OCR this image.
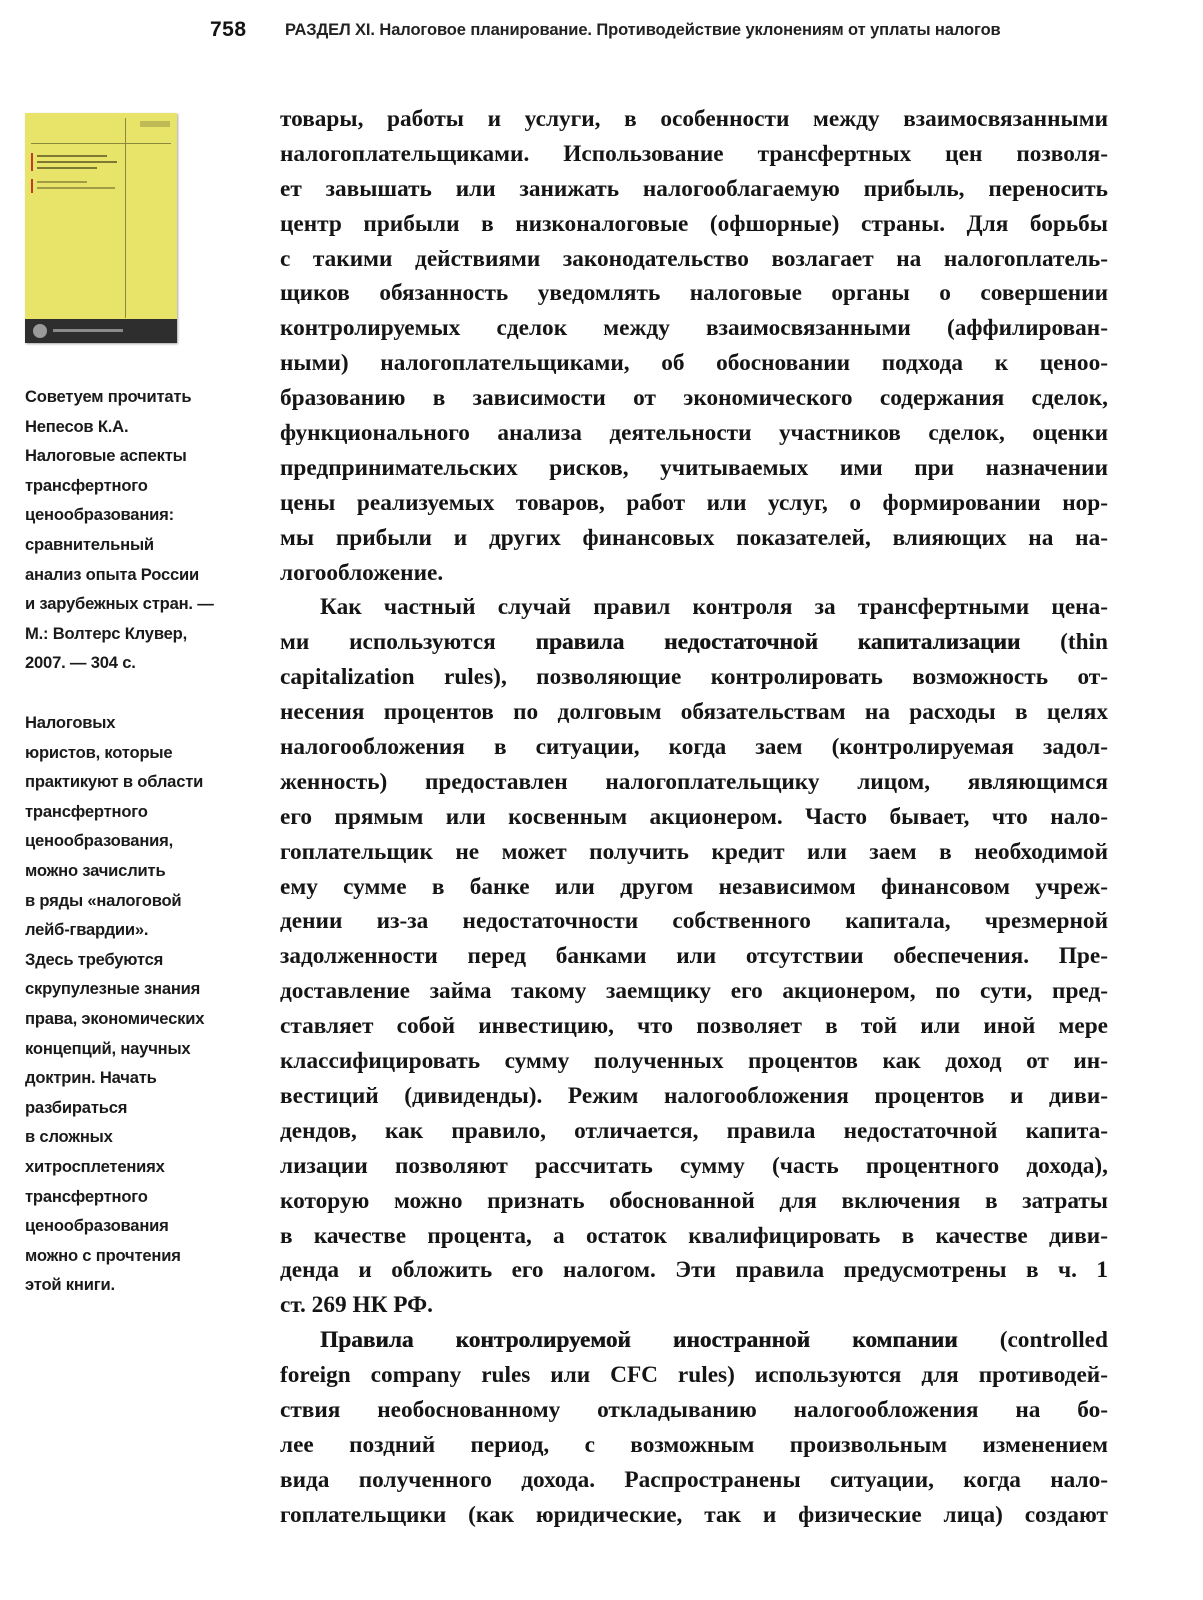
758 РАЗДЕЛ XI. Налоговое планирование. Противодействие уклонениям от уплаты налогов
Советуем прочитать
Непесов К.А.
Налоговые аспекты
трансфертного
ценообразования:
сравнительный
анализ опыта России
и зарубежных стран. —
М.: Волтерс Клувер,
2007. — 304 с.
Налоговых
юристов, которые
практикуют в области
трансфертного
ценообразования,
можно зачислить
в ряды «налоговой
лейб-гвардии».
Здесь требуются
скрупулезные знания
права, экономических
концепций, научных
доктрин. Начать
разбираться
в сложных
хитросплетениях
трансфертного
ценообразования
можно с прочтения
этой книги.
товары, работы и услуги, в особенности между взаимосвязанными
налогоплательщиками. Использование трансфертных цен позволя-
ет завышать или занижать налогооблагаемую прибыль, переносить
центр прибыли в низконалоговые (офшорные) страны. Для борьбы
с такими действиями законодательство возлагает на налогоплатель-
щиков обязанность уведомлять налоговые органы о совершении
контролируемых сделок между взаимосвязанными (аффилирован-
ными) налогоплательщиками, об обосновании подхода к ценоо-
бразованию в зависимости от экономического содержания сделок,
функционального анализа деятельности участников сделок, оценки
предпринимательских рисков, учитываемых ими при назначении
цены реализуемых товаров, работ или услуг, о формировании нор-
мы прибыли и других финансовых показателей, влияющих на на-
логообложение.
Как частный случай правил контроля за трансфертными цена-
ми используются правила недостаточной капитализации (thin
capitalization rules), позволяющие контролировать возможность от-
несения процентов по долговым обязательствам на расходы в целях
налогообложения в ситуации, когда заем (контролируемая задол-
женность) предоставлен налогоплательщику лицом, являющимся
его прямым или косвенным акционером. Часто бывает, что нало-
гоплательщик не может получить кредит или заем в необходимой
ему сумме в банке или другом независимом финансовом учреж-
дении из-за недостаточности собственного капитала, чрезмерной
задолженности перед банками или отсутствии обеспечения. Пре-
доставление займа такому заемщику его акционером, по сути, пред-
ставляет собой инвестицию, что позволяет в той или иной мере
классифицировать сумму полученных процентов как доход от ин-
вестиций (дивиденды). Режим налогообложения процентов и диви-
дендов, как правило, отличается, правила недостаточной капита-
лизации позволяют рассчитать сумму (часть процентного дохода),
которую можно признать обоснованной для включения в затраты
в качестве процента, а остаток квалифицировать в качестве диви-
денда и обложить его налогом. Эти правила предусмотрены в ч. 1
ст. 269 НК РФ.
Правила контролируемой иностранной компании (controlled
foreign company rules или CFC rules) используются для противодей-
ствия необоснованному откладыванию налогообложения на бо-
лее поздний период, с возможным произвольным изменением
вида полученного дохода. Распространены ситуации, когда нало-
гоплательщики (как юридические, так и физические лица) создают
